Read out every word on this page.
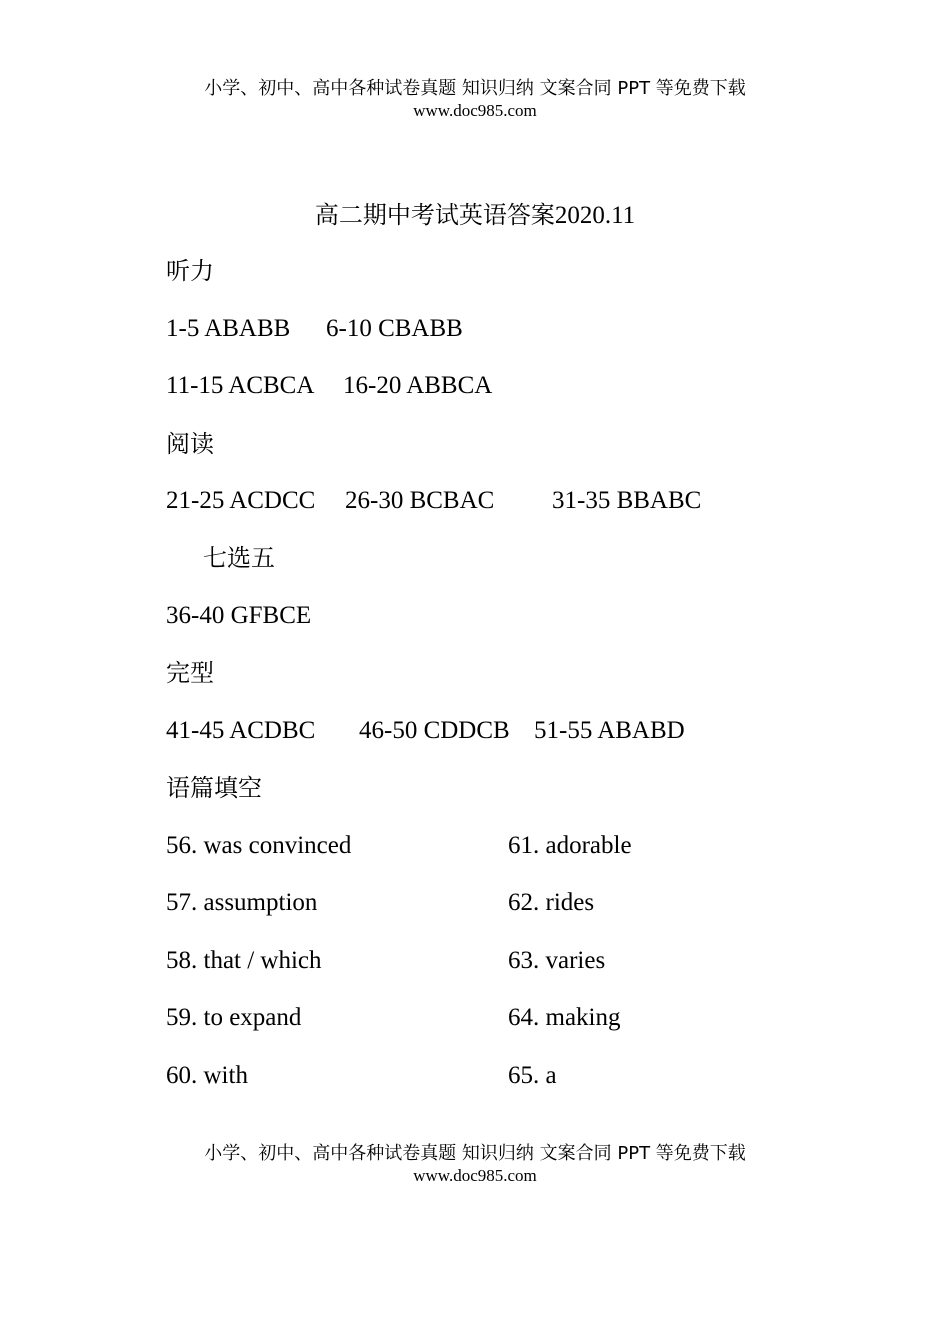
小学、初中、高中各种试卷真题 知识归纳 文案合同 PPT 等免费下载
www.doc985.com
高二期中考试英语答案2020.11
听力
1-5 ABABB 6-10 CBABB
11-15 ACBCA 16-20 ABBCA
阅读
21-25 ACDCC 26-30 BCBAC 31-35 BBABC
七选五
36-40 GFBCE
完型
41-45 ACDBC 46-50 CDDCB 51-55 ABABD
语篇填空
56. was convinced	61. adorable
57. assumption	62. rides
58. that / which	63. varies
59. to expand	64. making
60. with	65. a
小学、初中、高中各种试卷真题 知识归纳 文案合同 PPT 等免费下载
www.doc985.com
